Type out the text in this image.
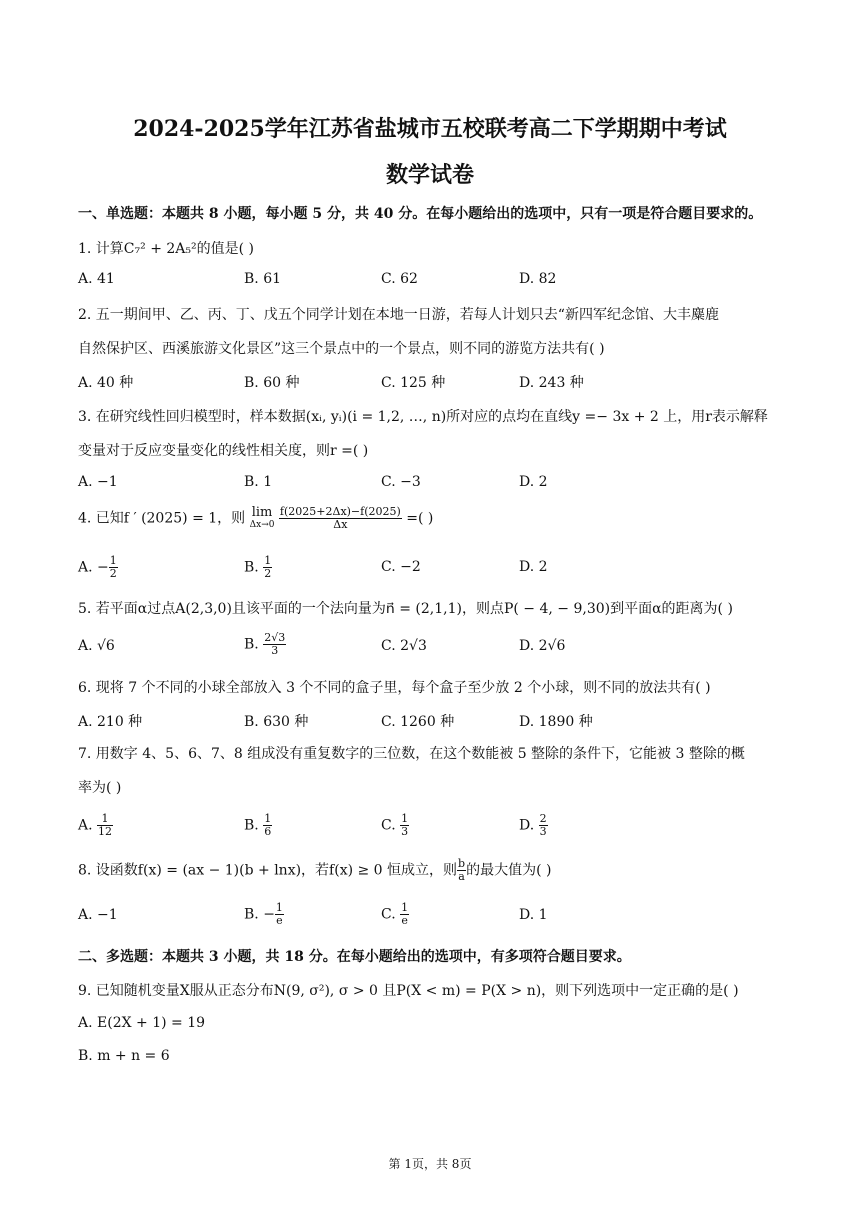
2024-2025学年江苏省盐城市五校联考高二下学期期中考试
数学试卷
一、单选题：本题共 8 小题，每小题 5 分，共 40 分。在每小题给出的选项中，只有一项是符合题目要求的。
1. 计算C₇² + 2A₅²的值是( )
A. 41	B. 61	C. 62	D. 82
2. 五一期间甲、乙、丙、丁、戊五个同学计划在本地一日游，若每人计划只去“新四军纪念馆、大丰麋鹿
自然保护区、西溪旅游文化景区”这三个景点中的一个景点，则不同的游览方法共有( )
A. 40 种	B. 60 种	C. 125 种	D. 243 种
3. 在研究线性回归模型时，样本数据(xᵢ, yᵢ)(i = 1,2, …, n)所对应的点均在直线y =− 3x + 2 上，用r表示解释
变量对于反应变量变化的线性相关度，则r =( )
A. −1	B. 1	C. −3	D. 2
4. 已知f ′ (2025) = 1，则 lim
Δx→0
$\frac{f(2025+2\Delta x)-f(2025)}{\Delta x}$ =( )
A. − $\frac{1}{2}$	B. $\frac{1}{2}$	C. −2	D. 2
5. 若平面α过点A(2,3,0)且该平面的一个法向量为n⃗ = (2,1,1)，则点P( − 4, − 9,30)到平面α的距离为( )
A. √6	B. $\frac{2√3}{3}$	C. 2√3	D. 2√6
6. 现将 7 个不同的小球全部放入 3 个不同的盒子里，每个盒子至少放 2 个小球，则不同的放法共有( )
A. 210 种	B. 630 种	C. 1260 种	D. 1890 种
7. 用数字 4、5、6、7、8 组成没有重复数字的三位数，在这个数能被 5 整除的条件下，它能被 3 整除的概
率为( )
A. $\frac{1}{12}$	B. $\frac{1}{6}$	C. $\frac{1}{3}$	D. $\frac{2}{3}$
8. 设函数f(x) = (ax − 1)(b + lnx)，若f(x) ≥ 0 恒成立，则 $\frac{b}{a}$ 的最大值为( )
A. −1	B. − $\frac{1}{e}$	C. $\frac{1}{e}$	D. 1
二、多选题：本题共 3 小题，共 18 分。在每小题给出的选项中，有多项符合题目要求。
9. 已知随机变量X服从正态分布N(9, σ²), σ > 0 且P(X < m) = P(X > n)，则下列选项中一定正确的是( )
A. E(2X + 1) = 19
B. m + n = 6
第 1页，共 8页
